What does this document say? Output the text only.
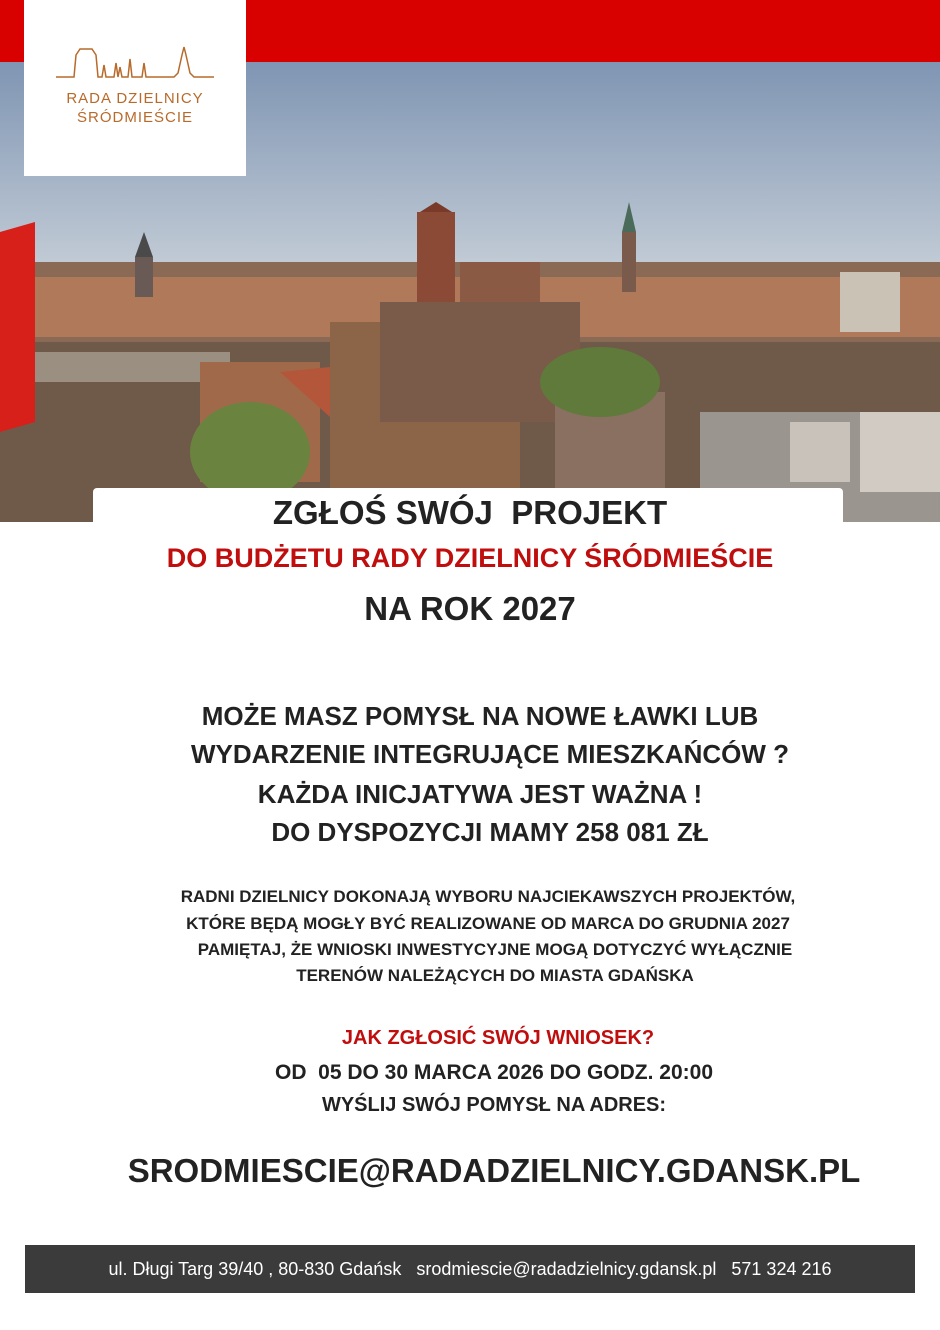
RADA DZIELNICY
ŚRÓDMIEŚCIE
ZGŁOŚ SWÓJ  PROJEKT
DO BUDŻETU RADY DZIELNICY ŚRÓDMIEŚCIE
NA ROK 2027
MOŻE MASZ POMYSŁ NA NOWE ŁAWKI LUB
WYDARZENIE INTEGRUJĄCE MIESZKAŃCÓW ?
KAŻDA INICJATYWA JEST WAŻNA !
DO DYSPOZYCJI MAMY 258 081 ZŁ
RADNI DZIELNICY DOKONAJĄ WYBORU NAJCIEKAWSZYCH PROJEKTÓW,
KTÓRE BĘDĄ MOGŁY BYĆ REALIZOWANE OD MARCA DO GRUDNIA 2027
PAMIĘTAJ, ŻE WNIOSKI INWESTYCYJNE MOGĄ DOTYCZYĆ WYŁĄCZNIE
TERENÓW NALEŻĄCYCH DO MIASTA GDAŃSKA
JAK ZGŁOSIĆ SWÓJ WNIOSEK?
OD  05 DO 30 MARCA 2026 DO GODZ. 20:00
WYŚLIJ SWÓJ POMYSŁ NA ADRES:
SRODMIESCIE@RADADZIELNICY.GDANSK.PL
ul. Długi Targ 39/40 , 80-830 Gdańsk   srodmiescie@radadzielnicy.gdansk.pl   571 324 216
